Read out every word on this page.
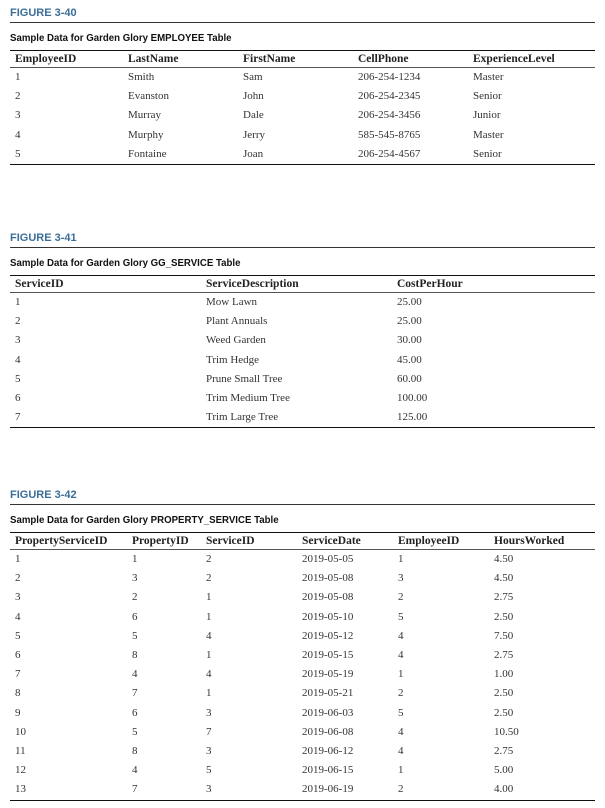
FIGURE 3-40
Sample Data for Garden Glory EMPLOYEE Table
EmployeeID	LastName	FirstName	CellPhone	ExperienceLevel
1	Smith	Sam	206-254-1234	Master
2	Evanston	John	206-254-2345	Senior
3	Murray	Dale	206-254-3456	Junior
4	Murphy	Jerry	585-545-8765	Master
5	Fontaine	Joan	206-254-4567	Senior
FIGURE 3-41
Sample Data for Garden Glory GG_SERVICE Table
ServiceID	ServiceDescription	CostPerHour
1	Mow Lawn	25.00
2	Plant Annuals	25.00
3	Weed Garden	30.00
4	Trim Hedge	45.00
5	Prune Small Tree	60.00
6	Trim Medium Tree	100.00
7	Trim Large Tree	125.00
FIGURE 3-42
Sample Data for Garden Glory PROPERTY_SERVICE Table
PropertyServiceID	PropertyID	ServiceID	ServiceDate	EmployeeID	HoursWorked
1	1	2	2019-05-05	1	4.50
2	3	2	2019-05-08	3	4.50
3	2	1	2019-05-08	2	2.75
4	6	1	2019-05-10	5	2.50
5	5	4	2019-05-12	4	7.50
6	8	1	2019-05-15	4	2.75
7	4	4	2019-05-19	1	1.00
8	7	1	2019-05-21	2	2.50
9	6	3	2019-06-03	5	2.50
10	5	7	2019-06-08	4	10.50
11	8	3	2019-06-12	4	2.75
12	4	5	2019-06-15	1	5.00
13	7	3	2019-06-19	2	4.00
